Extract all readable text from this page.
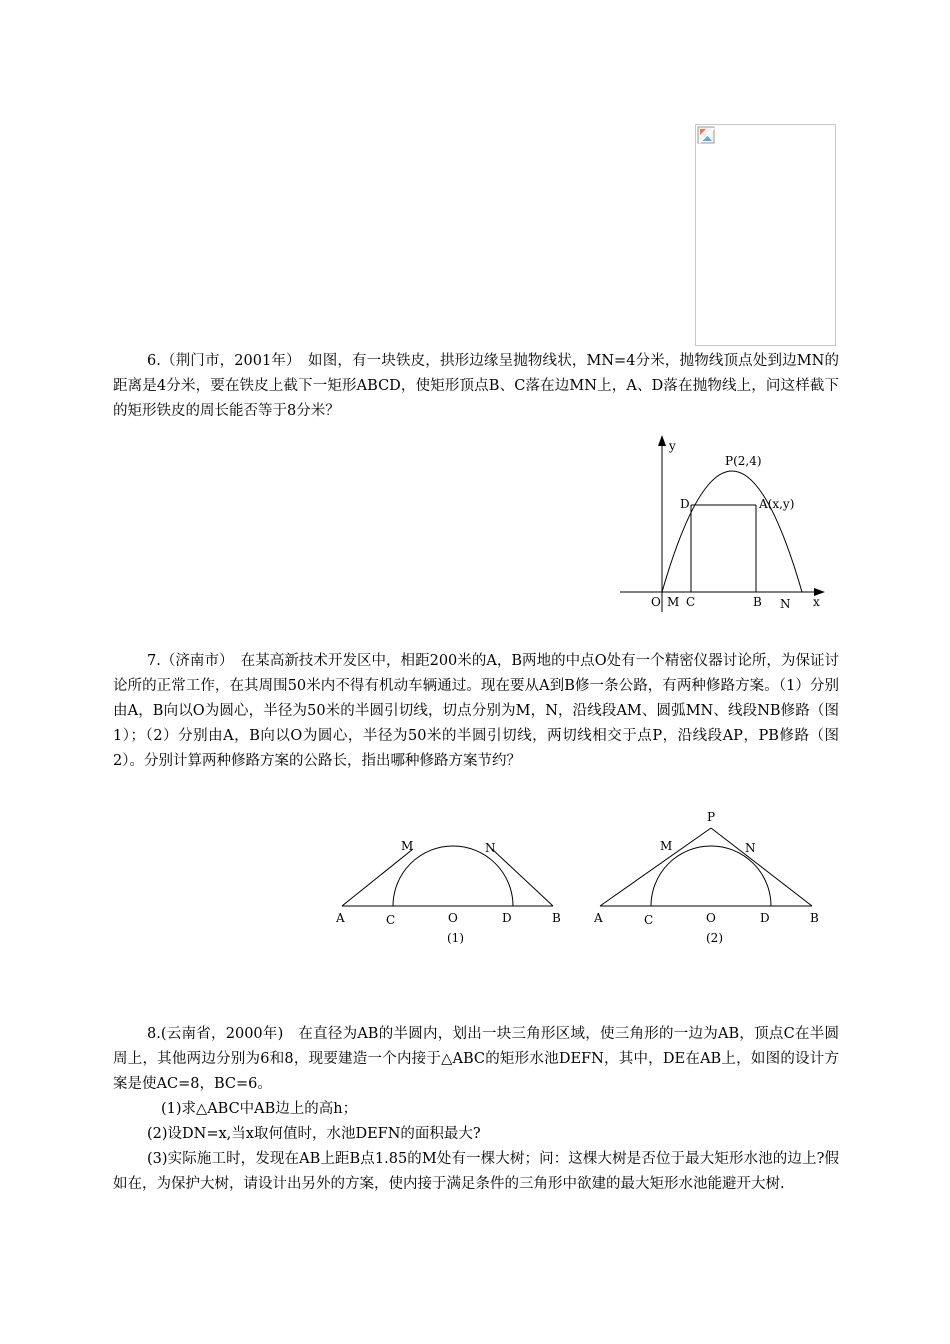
6.（荆门市，2001年）　如图，有一块铁皮，拱形边缘呈抛物线状，MN=4分米，抛物线顶点处到边MN的距离是4分米，要在铁皮上截下一矩形ABCD，使矩形顶点B、C落在边MN上，A、D落在抛物线上，问这样截下的矩形铁皮的周长能否等于8分米？
y
x
O
P(2,4)
A(x,y)
D
M C	B N
7.（济南市）　在某高新技术开发区中，相距200米的A，B两地的中点O处有一个精密仪器讨论所，为保证讨论所的正常工作，在其周围50米内不得有机动车辆通过。现在要从A到B修一条公路，有两种修路方案。（1）分别由A，B向以O为圆心，半径为50米的半圆引切线，切点分别为M，N，沿线段AM、圆弧MN、线段NB修路（图1）；（2）分别由A，B向以O为圆心，半径为50米的半圆引切线，两切线相交于点P，沿线段AP，PB修路（图2）。分别计算两种修路方案的公路长，指出哪种修路方案节约？
A	C	O	D	B
M	N
(1)
A	C	O	D	B
M	N
P
(2)
8.(云南省，2000年)　在直径为AB的半圆内，划出一块三角形区域，使三角形的一边为AB，顶点C在半圆周上，其他两边分别为6和8，现要建造一个内接于△ABC的矩形水池DEFN，其中，DE在AB上，如图的设计方案是使AC=8，BC=6。
(1)求△ABC中AB边上的高h；
(2)设DN=x,当x取何值时，水池DEFN的面积最大?
(3)实际施工时，发现在AB上距B点1.85的M处有一棵大树；问：这棵大树是否位于最大矩形水池的边上?假如在，为保护大树，请设计出另外的方案，使内接于满足条件的三角形中欲建的最大矩形水池能避开大树.
